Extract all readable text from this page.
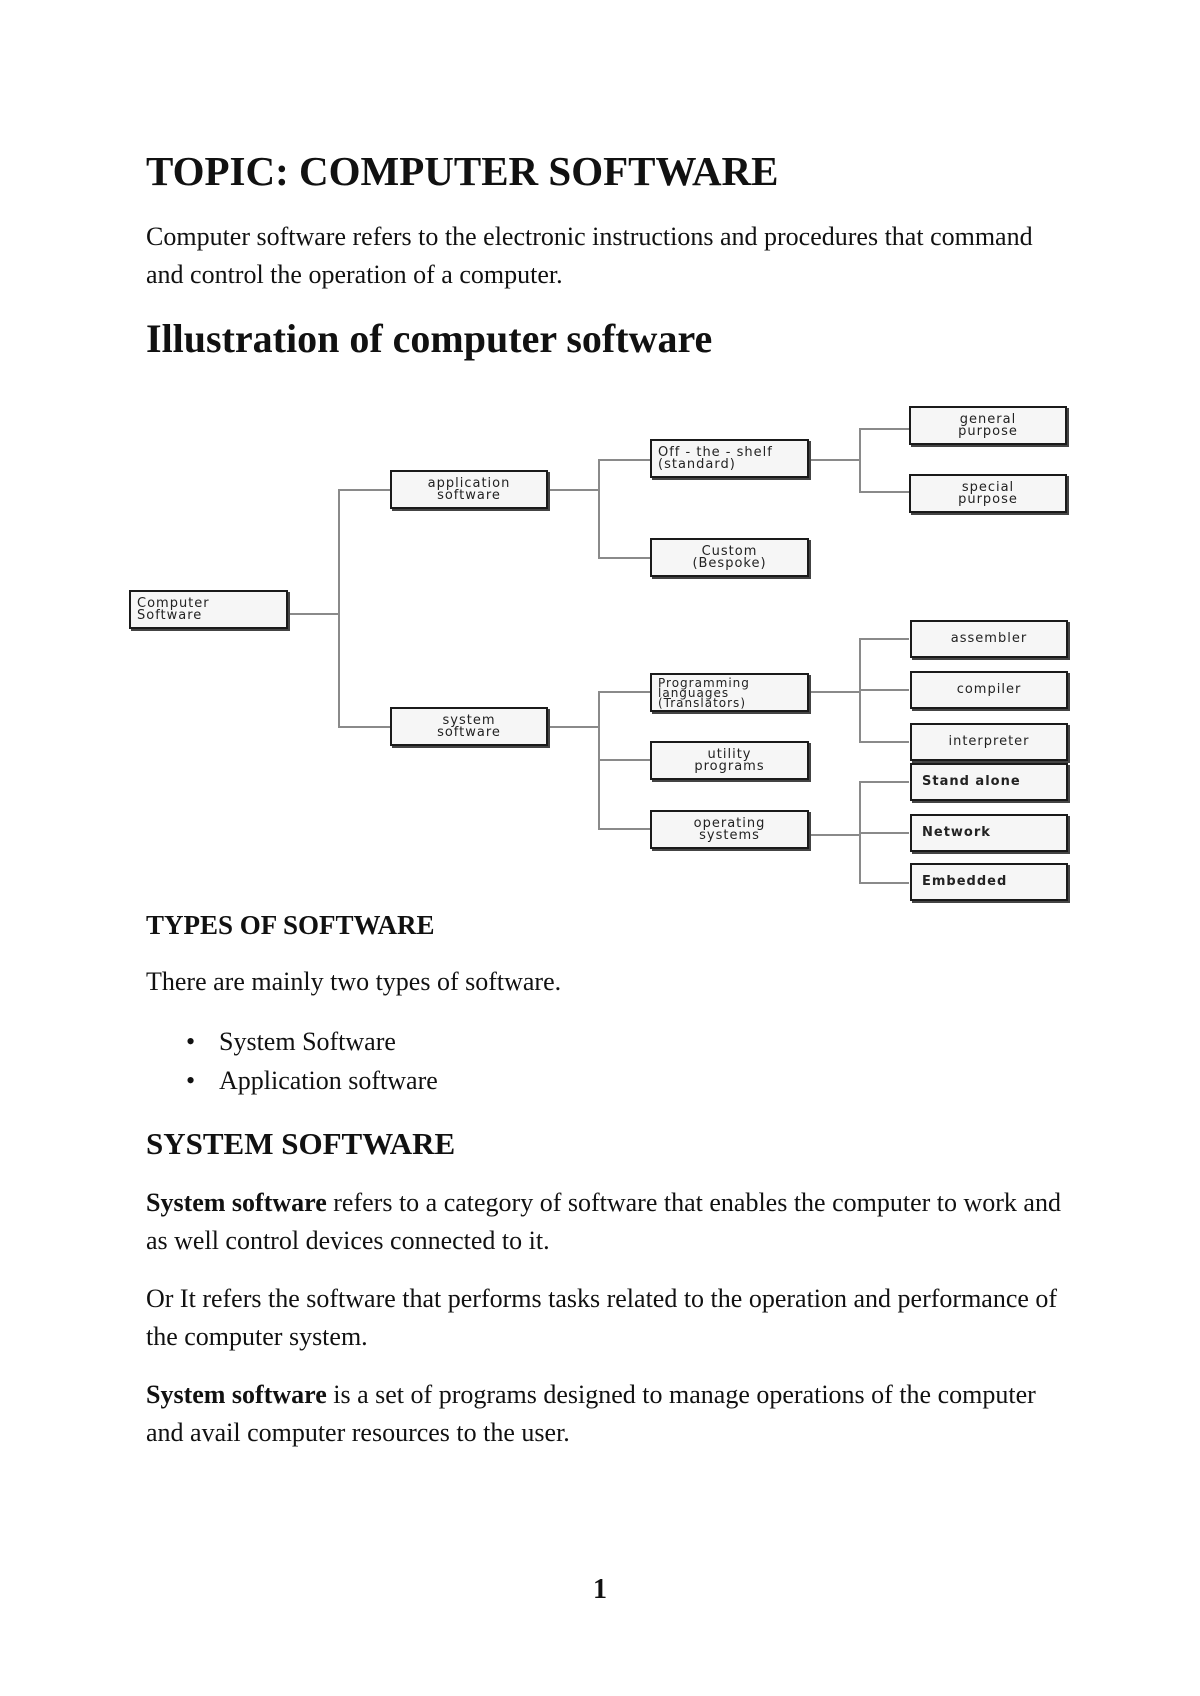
TOPIC: COMPUTER SOFTWARE

Computer software refers to the electronic instructions and procedures that command and control the operation of a computer.

Illustration of computer software
Computer
Software
application
software
system
software
Off - the - shelf
(standard)
Custom
(Bespoke)
general
purpose
special
purpose
Programming
languages
(Translators)
utility
programs
operating
systems
assembler
compiler
interpreter
Stand alone
Network
Embedded
TYPES OF SOFTWARE

There are mainly two types of software.

• System Software
• Application software
SYSTEM SOFTWARE

System software refers to a category of software that enables the computer to work and as well control devices connected to it.

Or It refers the software that performs tasks related to the operation and performance of the computer system.

System software is a set of programs designed to manage operations of the computer and avail computer resources to the user.

1
